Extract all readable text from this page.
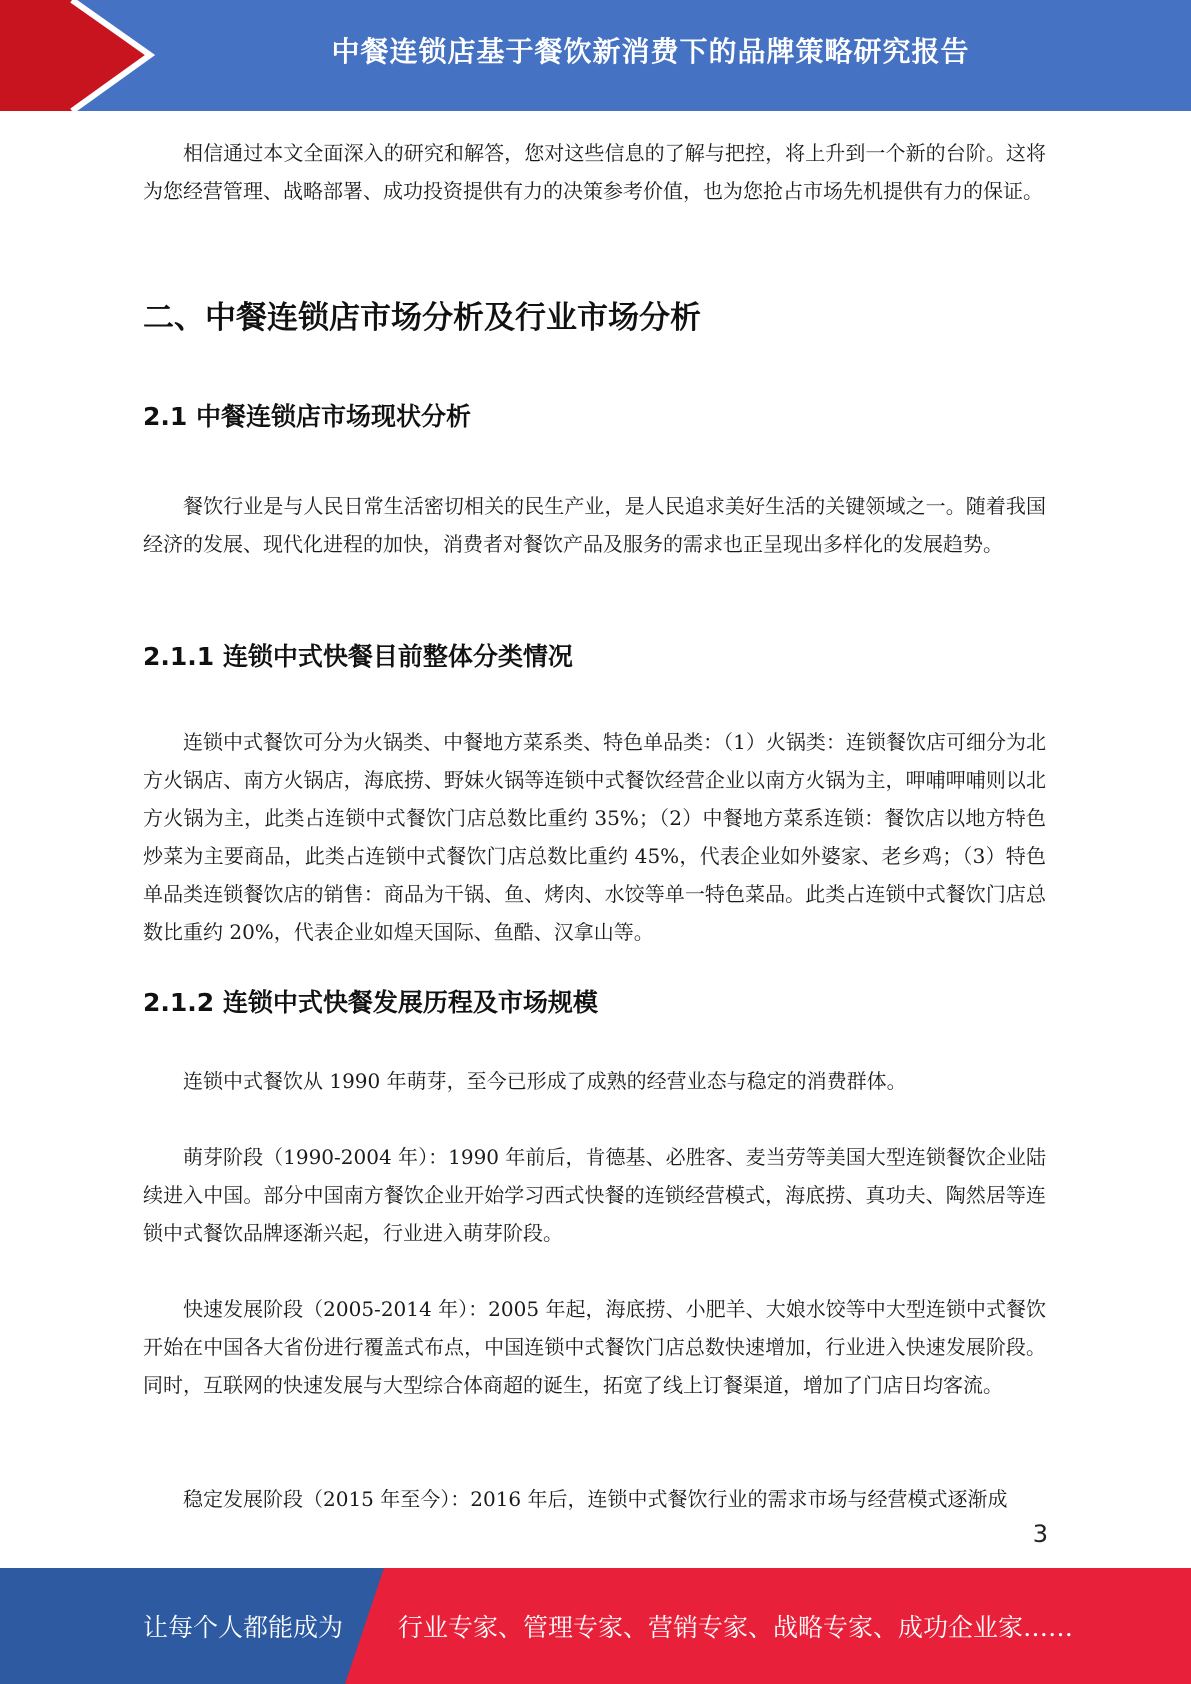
中餐连锁店基于餐饮新消费下的品牌策略研究报告

相信通过本文全面深入的研究和解答，您对这些信息的了解与把控，将上升到一个新的台阶。这将为您经营管理、战略部署、成功投资提供有力的决策参考价值，也为您抢占市场先机提供有力的保证。

二、中餐连锁店市场分析及行业市场分析
2.1 中餐连锁店市场现状分析

餐饮行业是与人民日常生活密切相关的民生产业，是人民追求美好生活的关键领域之一。随着我国经济的发展、现代化进程的加快，消费者对餐饮产品及服务的需求也正呈现出多样化的发展趋势。

2.1.1 连锁中式快餐目前整体分类情况

连锁中式餐饮可分为火锅类、中餐地方菜系类、特色单品类：（1）火锅类：连锁餐饮店可细分为北方火锅店、南方火锅店，海底捞、野妹火锅等连锁中式餐饮经营企业以南方火锅为主，呷哺呷哺则以北方火锅为主，此类占连锁中式餐饮门店总数比重约 35%；（2）中餐地方菜系连锁：餐饮店以地方特色炒菜为主要商品，此类占连锁中式餐饮门店总数比重约 45%，代表企业如外婆家、老乡鸡；（3）特色单品类连锁餐饮店的销售：商品为干锅、鱼、烤肉、水饺等单一特色菜品。此类占连锁中式餐饮门店总数比重约 20%，代表企业如煌天国际、鱼酷、汉拿山等。

2.1.2 连锁中式快餐发展历程及市场规模

连锁中式餐饮从 1990 年萌芽，至今已形成了成熟的经营业态与稳定的消费群体。

萌芽阶段（1990-2004 年）：1990 年前后，肯德基、必胜客、麦当劳等美国大型连锁餐饮企业陆续进入中国。部分中国南方餐饮企业开始学习西式快餐的连锁经营模式，海底捞、真功夫、陶然居等连锁中式餐饮品牌逐渐兴起，行业进入萌芽阶段。

快速发展阶段（2005-2014 年）：2005 年起，海底捞、小肥羊、大娘水饺等中大型连锁中式餐饮开始在中国各大省份进行覆盖式布点，中国连锁中式餐饮门店总数快速增加，行业进入快速发展阶段。同时，互联网的快速发展与大型综合体商超的诞生，拓宽了线上订餐渠道，增加了门店日均客流。

稳定发展阶段（2015 年至今）：2016 年后，连锁中式餐饮行业的需求市场与经营模式逐渐成

3
让每个人都能成为 行业专家、管理专家、营销专家、战略专家、成功企业家……
